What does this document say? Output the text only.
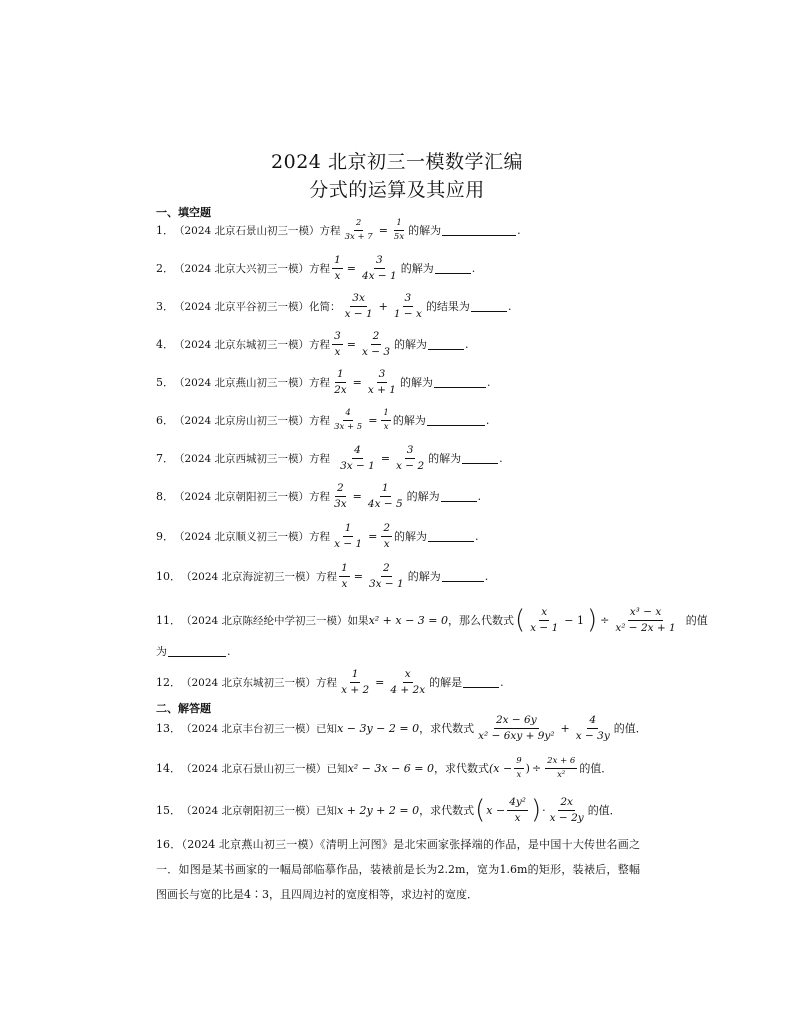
2024 北京初三一模数学汇编
分式的运算及其应用
一、填空题
1． （2024 北京石景山初三一模）方程 $\frac{2}{3x + 7} = \frac{1}{5x}$ 的解为	.
2． （2024 北京大兴初三一模）方程 $\frac{1}{x} = \frac{3}{4x - 1}$ 的解为	.
3． （2024 北京平谷初三一模）化简： $\frac{3x}{x - 1} + \frac{3}{1 - x}$ 的结果为	.
4． （2024 北京东城初三一模）方程 $\frac{3}{x} = \frac{2}{x - 3}$ 的解为	.
5． （2024 北京燕山初三一模）方程 $\frac{1}{2x} = \frac{3}{x + 1}$ 的解为	.
6． （2024 北京房山初三一模）方程 $\frac{4}{3x + 5} = \frac{1}{x}$ 的解为	.
7． （2024 北京西城初三一模）方程 $\frac{4}{3x - 1} = \frac{3}{x - 2}$ 的解为	.
8． （2024 北京朝阳初三一模）方程 $\frac{2}{3x} = \frac{1}{4x - 5}$ 的解为	.
9． （2024 北京顺义初三一模）方程 $\frac{1}{x - 1} = \frac{2}{x}$ 的解为	.
10． （2024 北京海淀初三一模）方程 $\frac{1}{x} = \frac{2}{3x - 1}$ 的解为	.
11． （2024 北京陈经纶中学初三一模）如果 x² + x − 3 = 0 ，那么代数式 ( $\frac{x}{x - 1} - 1$ ) ÷ $\frac{\text{x³ − x}}{\text{x² − 2x + 1}}$ 的值
为	.
12． （2024 北京东城初三一模）方程 $\frac{1}{x + 2} = \frac{x}{4 + 2x}$ 的解是	.
二、解答题
13． （2024 北京丰台初三一模）已知 x − 3y − 2 = 0 ，求代数式 $\frac{2x - 6y}{\text{x² − 6xy + 9y²}} + \frac{4}{x - 3y}$ 的值．
14． （2024 北京石景山初三一模）已知 x² − 3x − 6 = 0 ，求代数式 ($x - \frac{9}{x}$ ) ÷ $\frac{2x + 6}{\text{x²}}$ 的值．
15． （2024 北京朝阳初三一模）已知 x + 2y + 2 = 0 ，求代数式 ( $x - \frac{\text{4y²}}{x}$ ) · $\frac{2x}{x - 2y}$ 的值．
16．（2024 北京燕山初三一模）《清明上河图》是北宋画家张择端的作品，是中国十大传世名画之一．如图是某书画家的一幅局部临摹作品，装裱前是长为2.2m，宽为1.6m的矩形，装裱后，整幅图画长与宽的比是4∶3，且四周边衬的宽度相等，求边衬的宽度．
